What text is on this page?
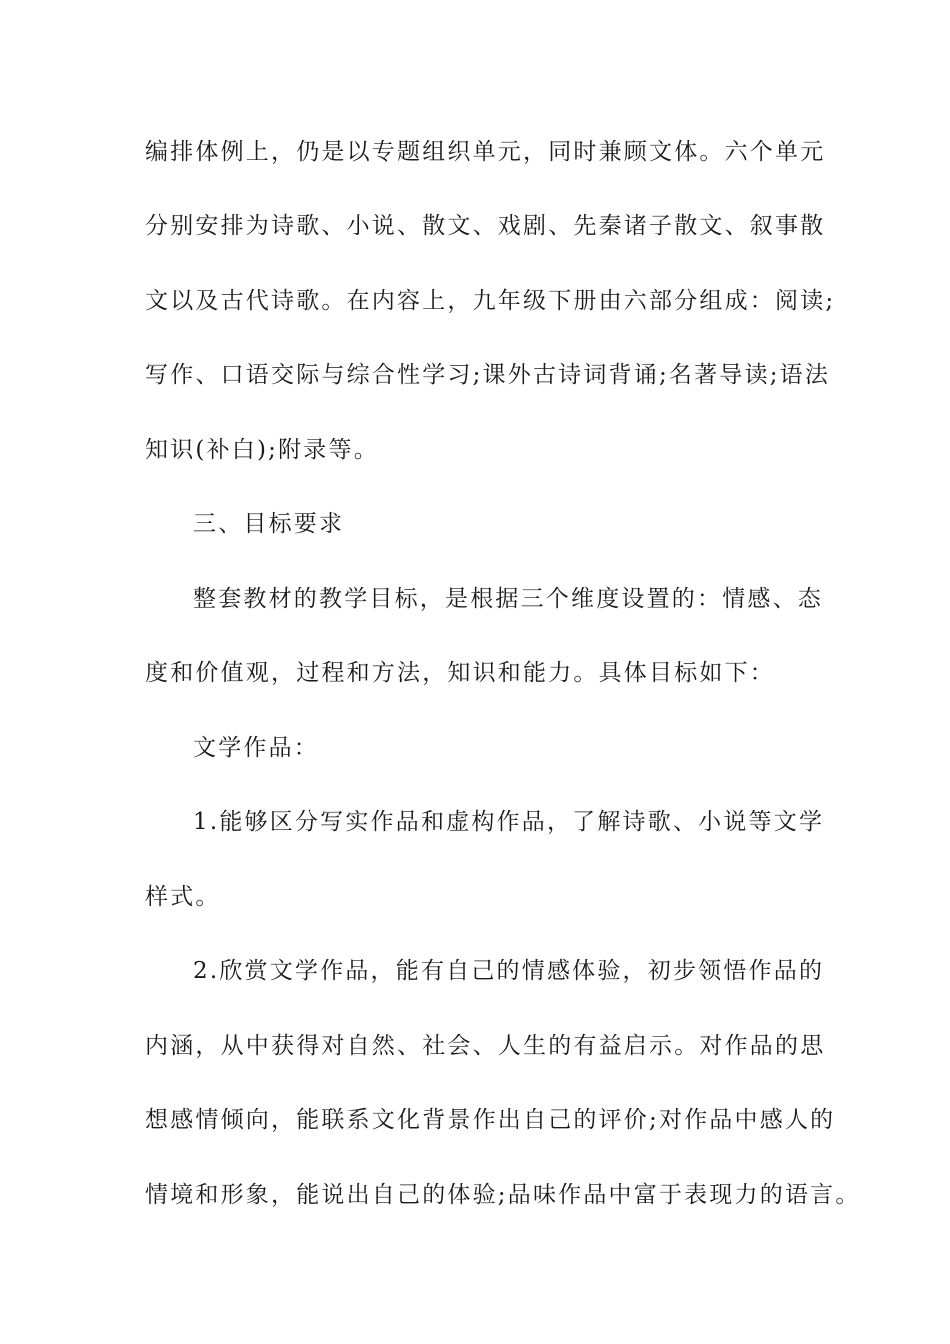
编排体例上，仍是以专题组织单元，同时兼顾文体。六个单元

分别安排为诗歌、小说、散文、戏剧、先秦诸子散文、叙事散

文以及古代诗歌。在内容上，九年级下册由六部分组成：阅读;

写作、口语交际与综合性学习;课外古诗词背诵;名著导读;语法

知识(补白);附录等。

三、目标要求

整套教材的教学目标，是根据三个维度设置的：情感、态

度和价值观，过程和方法，知识和能力。具体目标如下：

文学作品：

1.能够区分写实作品和虚构作品，了解诗歌、小说等文学

样式。

2.欣赏文学作品，能有自己的情感体验，初步领悟作品的

内涵，从中获得对自然、社会、人生的有益启示。对作品的思

想感情倾向，能联系文化背景作出自己的评价;对作品中感人的

情境和形象，能说出自己的体验;品味作品中富于表现力的语言。
